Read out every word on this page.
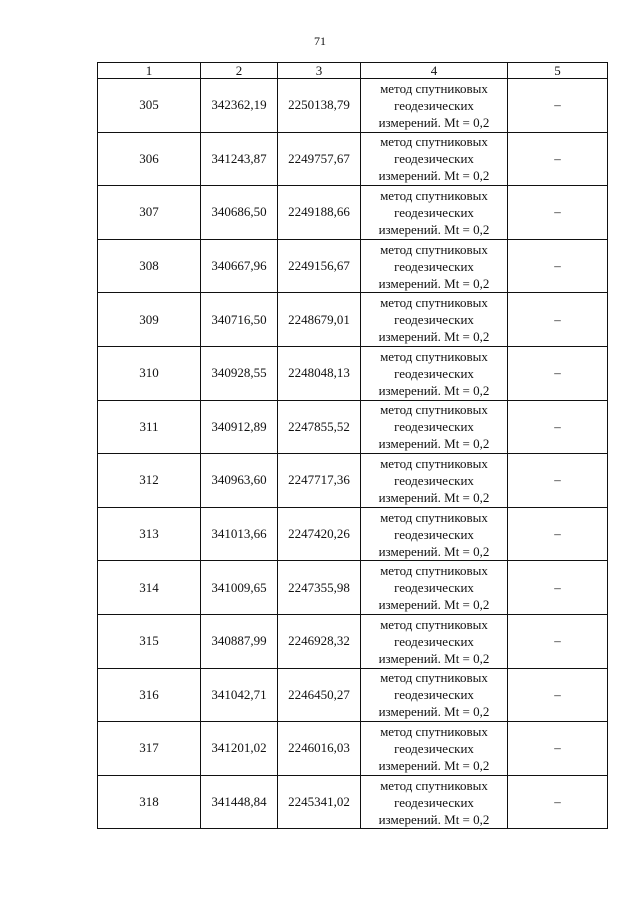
71
1	2	3	4	5
305	342362,19	2250138,79	метод спутниковых
геодезических
измерений. Mt = 0,2	–
306	341243,87	2249757,67	метод спутниковых
геодезических
измерений. Mt = 0,2	–
307	340686,50	2249188,66	метод спутниковых
геодезических
измерений. Mt = 0,2	–
308	340667,96	2249156,67	метод спутниковых
геодезических
измерений. Mt = 0,2	–
309	340716,50	2248679,01	метод спутниковых
геодезических
измерений. Mt = 0,2	–
310	340928,55	2248048,13	метод спутниковых
геодезических
измерений. Mt = 0,2	–
311	340912,89	2247855,52	метод спутниковых
геодезических
измерений. Mt = 0,2	–
312	340963,60	2247717,36	метод спутниковых
геодезических
измерений. Mt = 0,2	–
313	341013,66	2247420,26	метод спутниковых
геодезических
измерений. Mt = 0,2	–
314	341009,65	2247355,98	метод спутниковых
геодезических
измерений. Mt = 0,2	–
315	340887,99	2246928,32	метод спутниковых
геодезических
измерений. Mt = 0,2	–
316	341042,71	2246450,27	метод спутниковых
геодезических
измерений. Mt = 0,2	–
317	341201,02	2246016,03	метод спутниковых
геодезических
измерений. Mt = 0,2	–
318	341448,84	2245341,02	метод спутниковых
геодезических
измерений. Mt = 0,2	–
